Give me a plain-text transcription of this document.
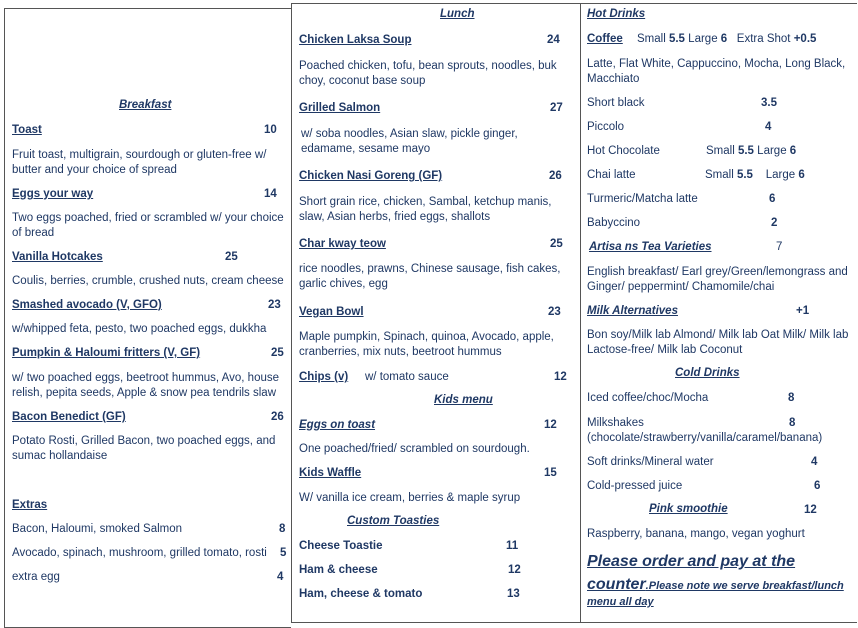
Breakfast
Toast	10
Fruit toast, multigrain, sourdough or gluten-free w/ butter and your choice of spread
Eggs your way	14
Two eggs poached, fried or scrambled w/ your choice of bread
Vanilla Hotcakes	25
Coulis, berries, crumble, crushed nuts, cream cheese
Smashed avocado (V, GFO)	23
w/whipped feta, pesto, two poached eggs, dukkha
Pumpkin & Haloumi fritters (V, GF)	25
w/ two poached eggs, beetroot hummus, Avo, house relish, pepita seeds, Apple & snow pea tendrils slaw
Bacon Benedict (GF)	26
Potato Rosti, Grilled Bacon, two poached eggs, and sumac hollandaise
Extras
Bacon, Haloumi, smoked Salmon	8
Avocado, spinach, mushroom, grilled tomato, rosti 5
extra egg	4
Lunch
Chicken Laksa Soup	24
Poached chicken, tofu, bean sprouts, noodles, buk choy, coconut base soup
Grilled Salmon	27
w/ soba noodles, Asian slaw, pickle ginger, edamame, sesame mayo
Chicken Nasi Goreng (GF)	26
Short grain rice, chicken, Sambal, ketchup manis, slaw, Asian herbs, fried eggs, shallots
Char kway teow	25
rice noodles, prawns, Chinese sausage, fish cakes, garlic chives, egg
Vegan Bowl	23
Maple pumpkin, Spinach, quinoa, Avocado, apple, cranberries, mix nuts, beetroot hummus
Chips (v) w/ tomato sauce	12
Kids menu
Eggs on toast	12
One poached/fried/ scrambled on sourdough.
Kids Waffle	15
W/ vanilla ice cream, berries & maple syrup
Custom Toasties
Cheese Toastie	11
Ham & cheese	12
Ham, cheese & tomato	13
Hot Drinks
Coffee Small 5.5 Large 6 Extra Shot +0.5
Latte, Flat White, Cappuccino, Mocha, Long Black, Macchiato
Short black	3.5
Piccolo	4
Hot Chocolate	Small 5.5 Large 6
Chai latte	Small 5.5 Large 6
Turmeric/Matcha latte	6
Babyccino	2
Artisa ns Tea Varieties	7
English breakfast/ Earl grey/Green/lemongrass and Ginger/ peppermint/ Chamomile/chai
Milk Alternatives	+1
Bon soy/Milk lab Almond/ Milk lab Oat Milk/ Milk lab Lactose-free/ Milk lab Coconut
Cold Drinks
Iced coffee/choc/Mocha	8
Milkshakes	8
(chocolate/strawberry/vanilla/caramel/banana)
Soft drinks/Mineral water	4
Cold-pressed juice	6
Pink smoothie	12
Raspberry, banana, mango, vegan yoghurt
Please order and pay at the
counter.Please note we serve breakfast/lunch menu all day
